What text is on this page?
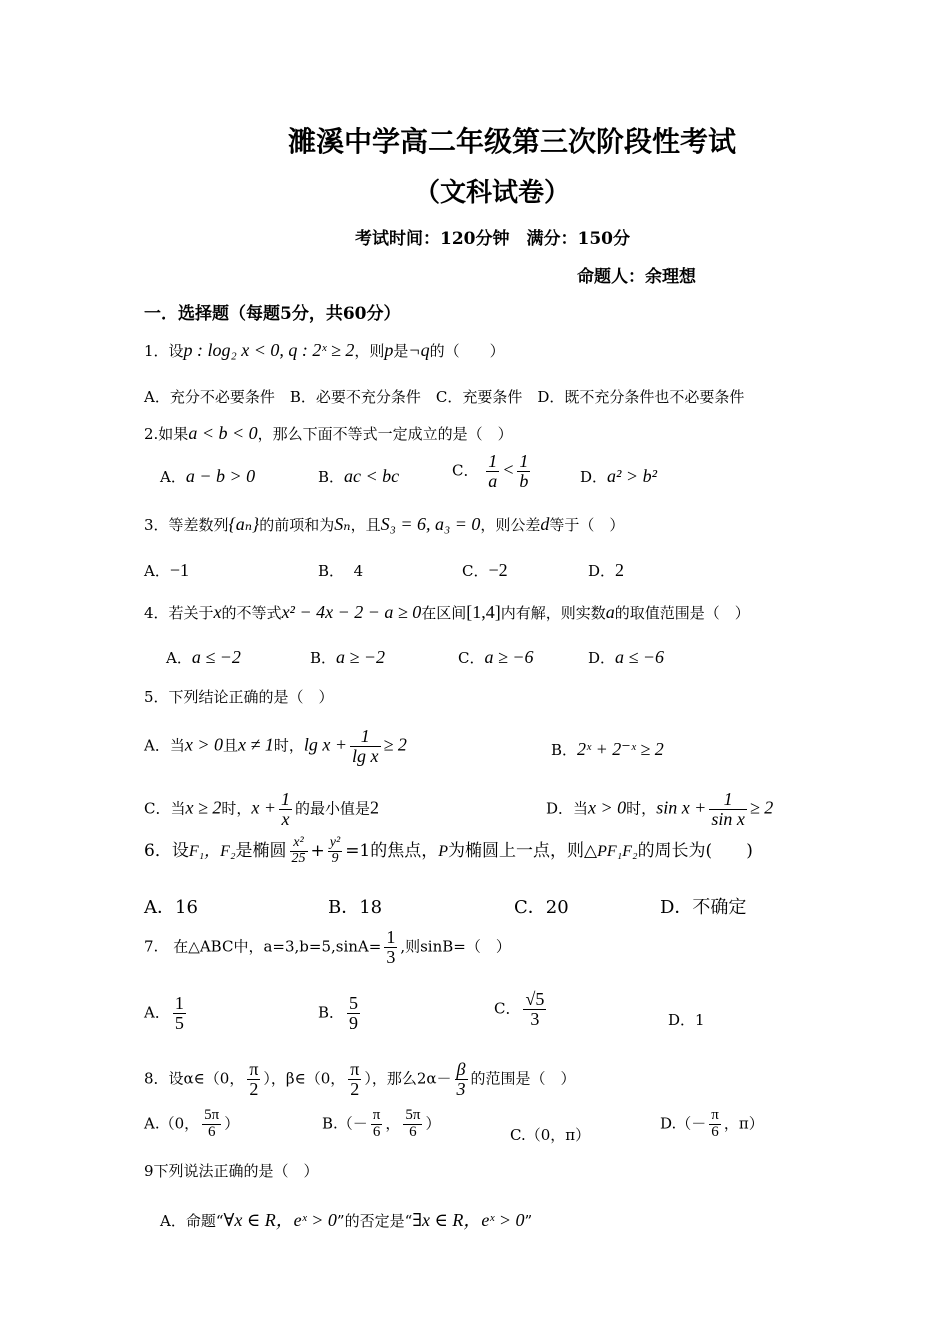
濉溪中学高二年级第三次阶段性考试
（文科试卷）
考试时间：120分钟　满分：150分
命题人：余理想
一．选择题（每题5分，共60分）
1．设p : log₂ x < 0, q : 2ˣ ≥ 2，则p是¬q的（　　）
A．充分不必要条件　B．必要不充分条件　C．充要条件　D．既不充分条件也不必要条件
2.如果a < b < 0，那么下面不等式一定成立的是（　）
A．a − b > 0	B．ac < bc	C． $\frac{1}{a} < \frac{1}{b}$	D．a² > b²
3．等差数列{aₙ}的前项和为Sₙ，且S₃ = 6, a₃ = 0，则公差d等于（　）
A．−1	B． 4	C．−2	D．2
4．若关于x的不等式x² − 4x − 2 − a ≥ 0在区间[1,4]内有解，则实数a的取值范围是（　）
A．a ≤ −2	B．a ≥ −2	C．a ≥ −6	D．a ≤ −6
5．下列结论正确的是（　）
A．当x > 0且x ≠ 1时，$\lg x + \frac{1}{\text{lg x}} \ge 2$	B．2ˣ + 2⁻ˣ ≥ 2
C．当x ≥ 2时，$x + \frac{1}{x}$ 的最小值是2	D．当x > 0时，$\sin x + \frac{1}{\text{sin x}} \ge 2$
6．设F₁，F₂是椭圆 $\frac{\text{x²}}{25} + \frac{\text{y²}}{9} =1$的焦点，P为椭圆上一点，则△PF₁F₂的周长为(　　)
A．16	B．18	C．20	D．不确定
7.　在△ABC中，$a=3,b=5,\sin A= \frac{1}{3}$ ,则sinB=（　）
A． $\frac{1}{5}$	B． $\frac{5}{9}$	C． $\frac{√5}{3}$	D．1
8．设α∈（0， $\frac{\pi}{2}$ ），β∈（0， $\frac{\pi}{2}$ ），那么$2\alpha- \frac{\beta}{3}$ 的范围是（　）
A.（0， $\frac{5\pi}{6}$ ）	$B.(- \frac{\pi}{6}$ ， $\frac{5\pi}{6}$ ）
C.（0，π）
$D.(- \frac{\pi}{6}$ ，π）
9下列说法正确的是（　）
A．命题“∀x ∈ R，eˣ > 0”的否定是“∃x ∈ R，eˣ > 0”
